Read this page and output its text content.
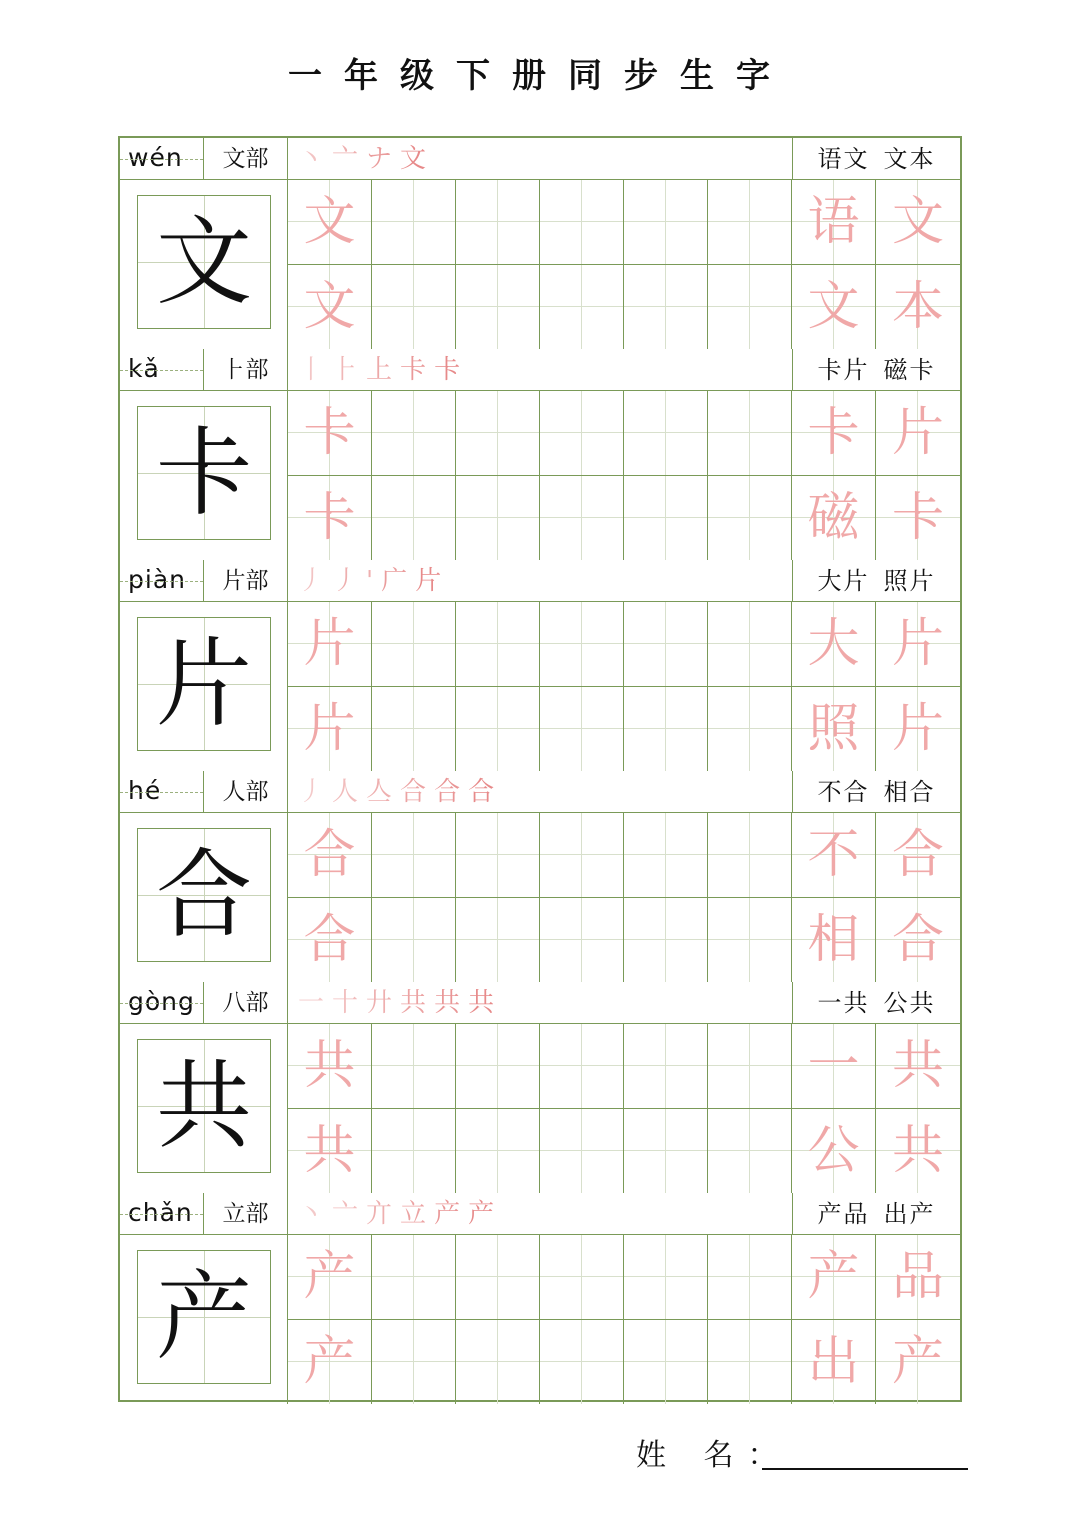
一年级下册同步生字
wén	文部	丶亠ナ文	语文 文本
文 文	语 文
文	文 本
kǎ	⺊部	丨⺊上卡卡	卡片 磁卡
卡 卡	卡 片
卡	磁 卡
piàn	片部	丿丿'广片	大片 照片
片 片	大 片
片	照 片
hé	人部	丿人亼合合合	不合 相合
合 合	不 合
合	相 合
gòng	八部	一十廾共共共	一共 公共
共 共	一 共
共	公 共
chǎn	立部	丶亠亣立产产	产品 出产
产 产	产 品
产	出 产
姓 名：
